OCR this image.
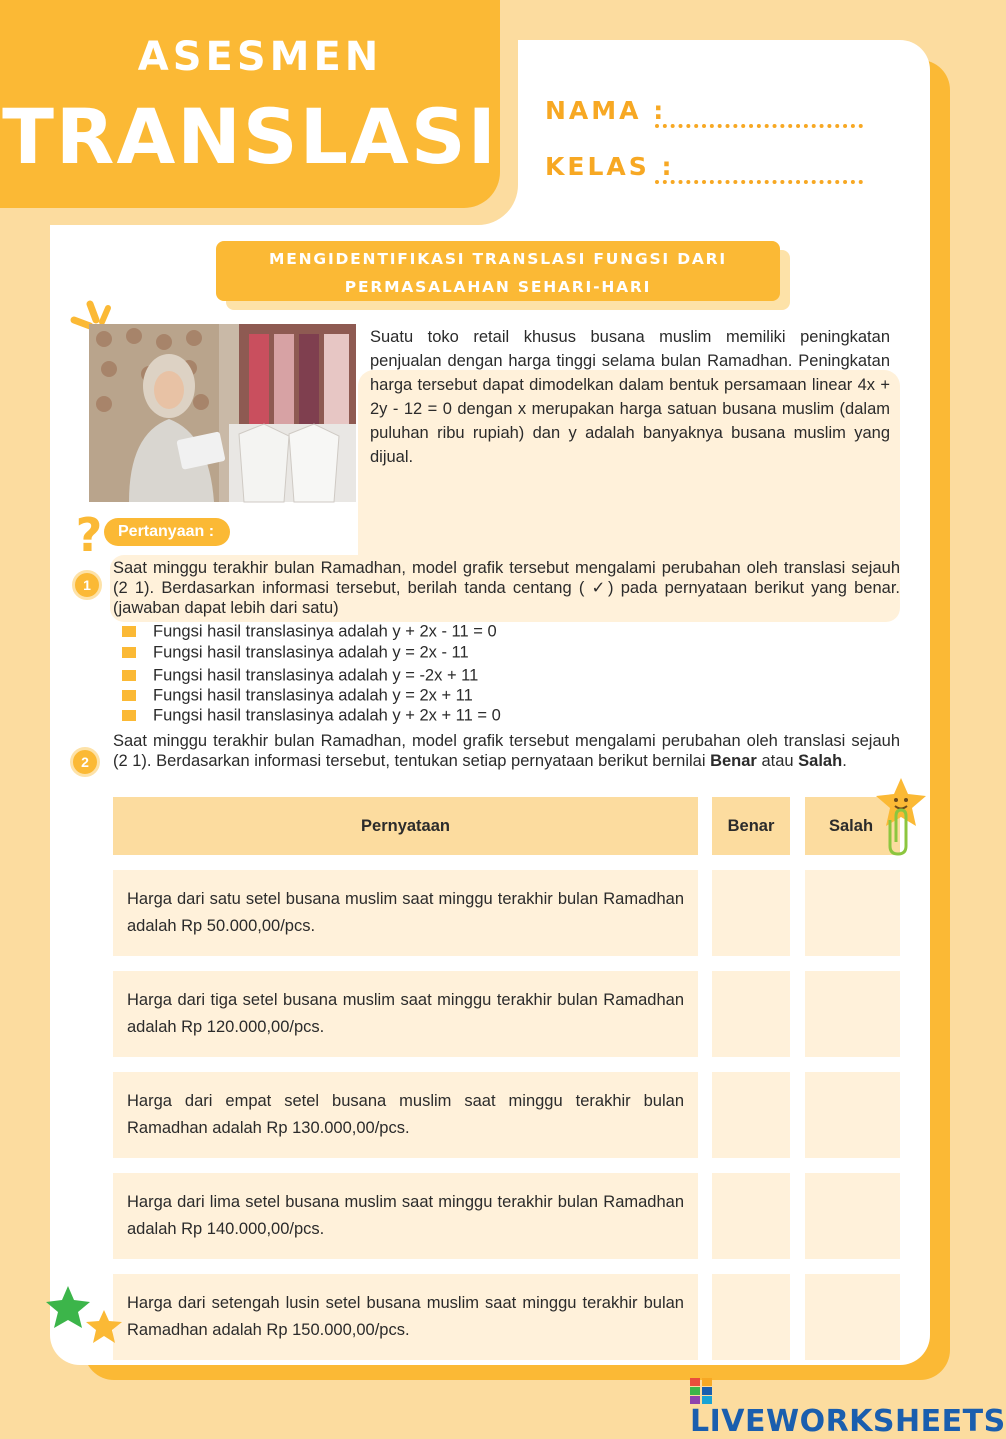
ASESMEN
TRANSLASI NAMA :
KELAS :
MENGIDENTIFIKASI TRANSLASI FUNGSI DARI
PERMASALAHAN SEHARI-HARI
Suatu toko retail khusus busana muslim memiliki peningkatan penjualan dengan harga tinggi selama bulan Ramadhan. Peningkatan harga tersebut dapat dimodelkan dalam bentuk persamaan linear 4x + 2y - 12 = 0 dengan x merupakan harga satuan busana muslim (dalam puluhan ribu rupiah) dan y adalah banyaknya busana muslim yang dijual.
? Pertanyaan :
1
Saat minggu terakhir bulan Ramadhan, model grafik tersebut mengalami perubahan oleh translasi sejauh (2 1). Berdasarkan informasi tersebut, berilah tanda centang ( ✓) pada pernyataan berikut yang benar. (jawaban dapat lebih dari satu)
Fungsi hasil translasinya adalah y + 2x - 11 = 0
Fungsi hasil translasinya adalah y = 2x - 11
Fungsi hasil translasinya adalah y = -2x + 11
Fungsi hasil translasinya adalah y = 2x + 11
Fungsi hasil translasinya adalah y + 2x + 11 = 0
2
Saat minggu terakhir bulan Ramadhan, model grafik tersebut mengalami perubahan oleh translasi sejauh (2 1). Berdasarkan informasi tersebut, tentukan setiap pernyataan berikut bernilai Benar atau Salah.
Pernyataan	Benar	Salah
Harga dari satu setel busana muslim saat minggu terakhir bulan Ramadhan adalah Rp 50.000,00/pcs.
Harga dari tiga setel busana muslim saat minggu terakhir bulan Ramadhan adalah Rp 120.000,00/pcs.
Harga dari empat setel busana muslim saat minggu terakhir bulan Ramadhan adalah Rp 130.000,00/pcs.
Harga dari lima setel busana muslim saat minggu terakhir bulan Ramadhan adalah Rp 140.000,00/pcs.
Harga dari setengah lusin setel busana muslim saat minggu terakhir bulan Ramadhan adalah Rp 150.000,00/pcs.
LIVEWORKSHEETS
